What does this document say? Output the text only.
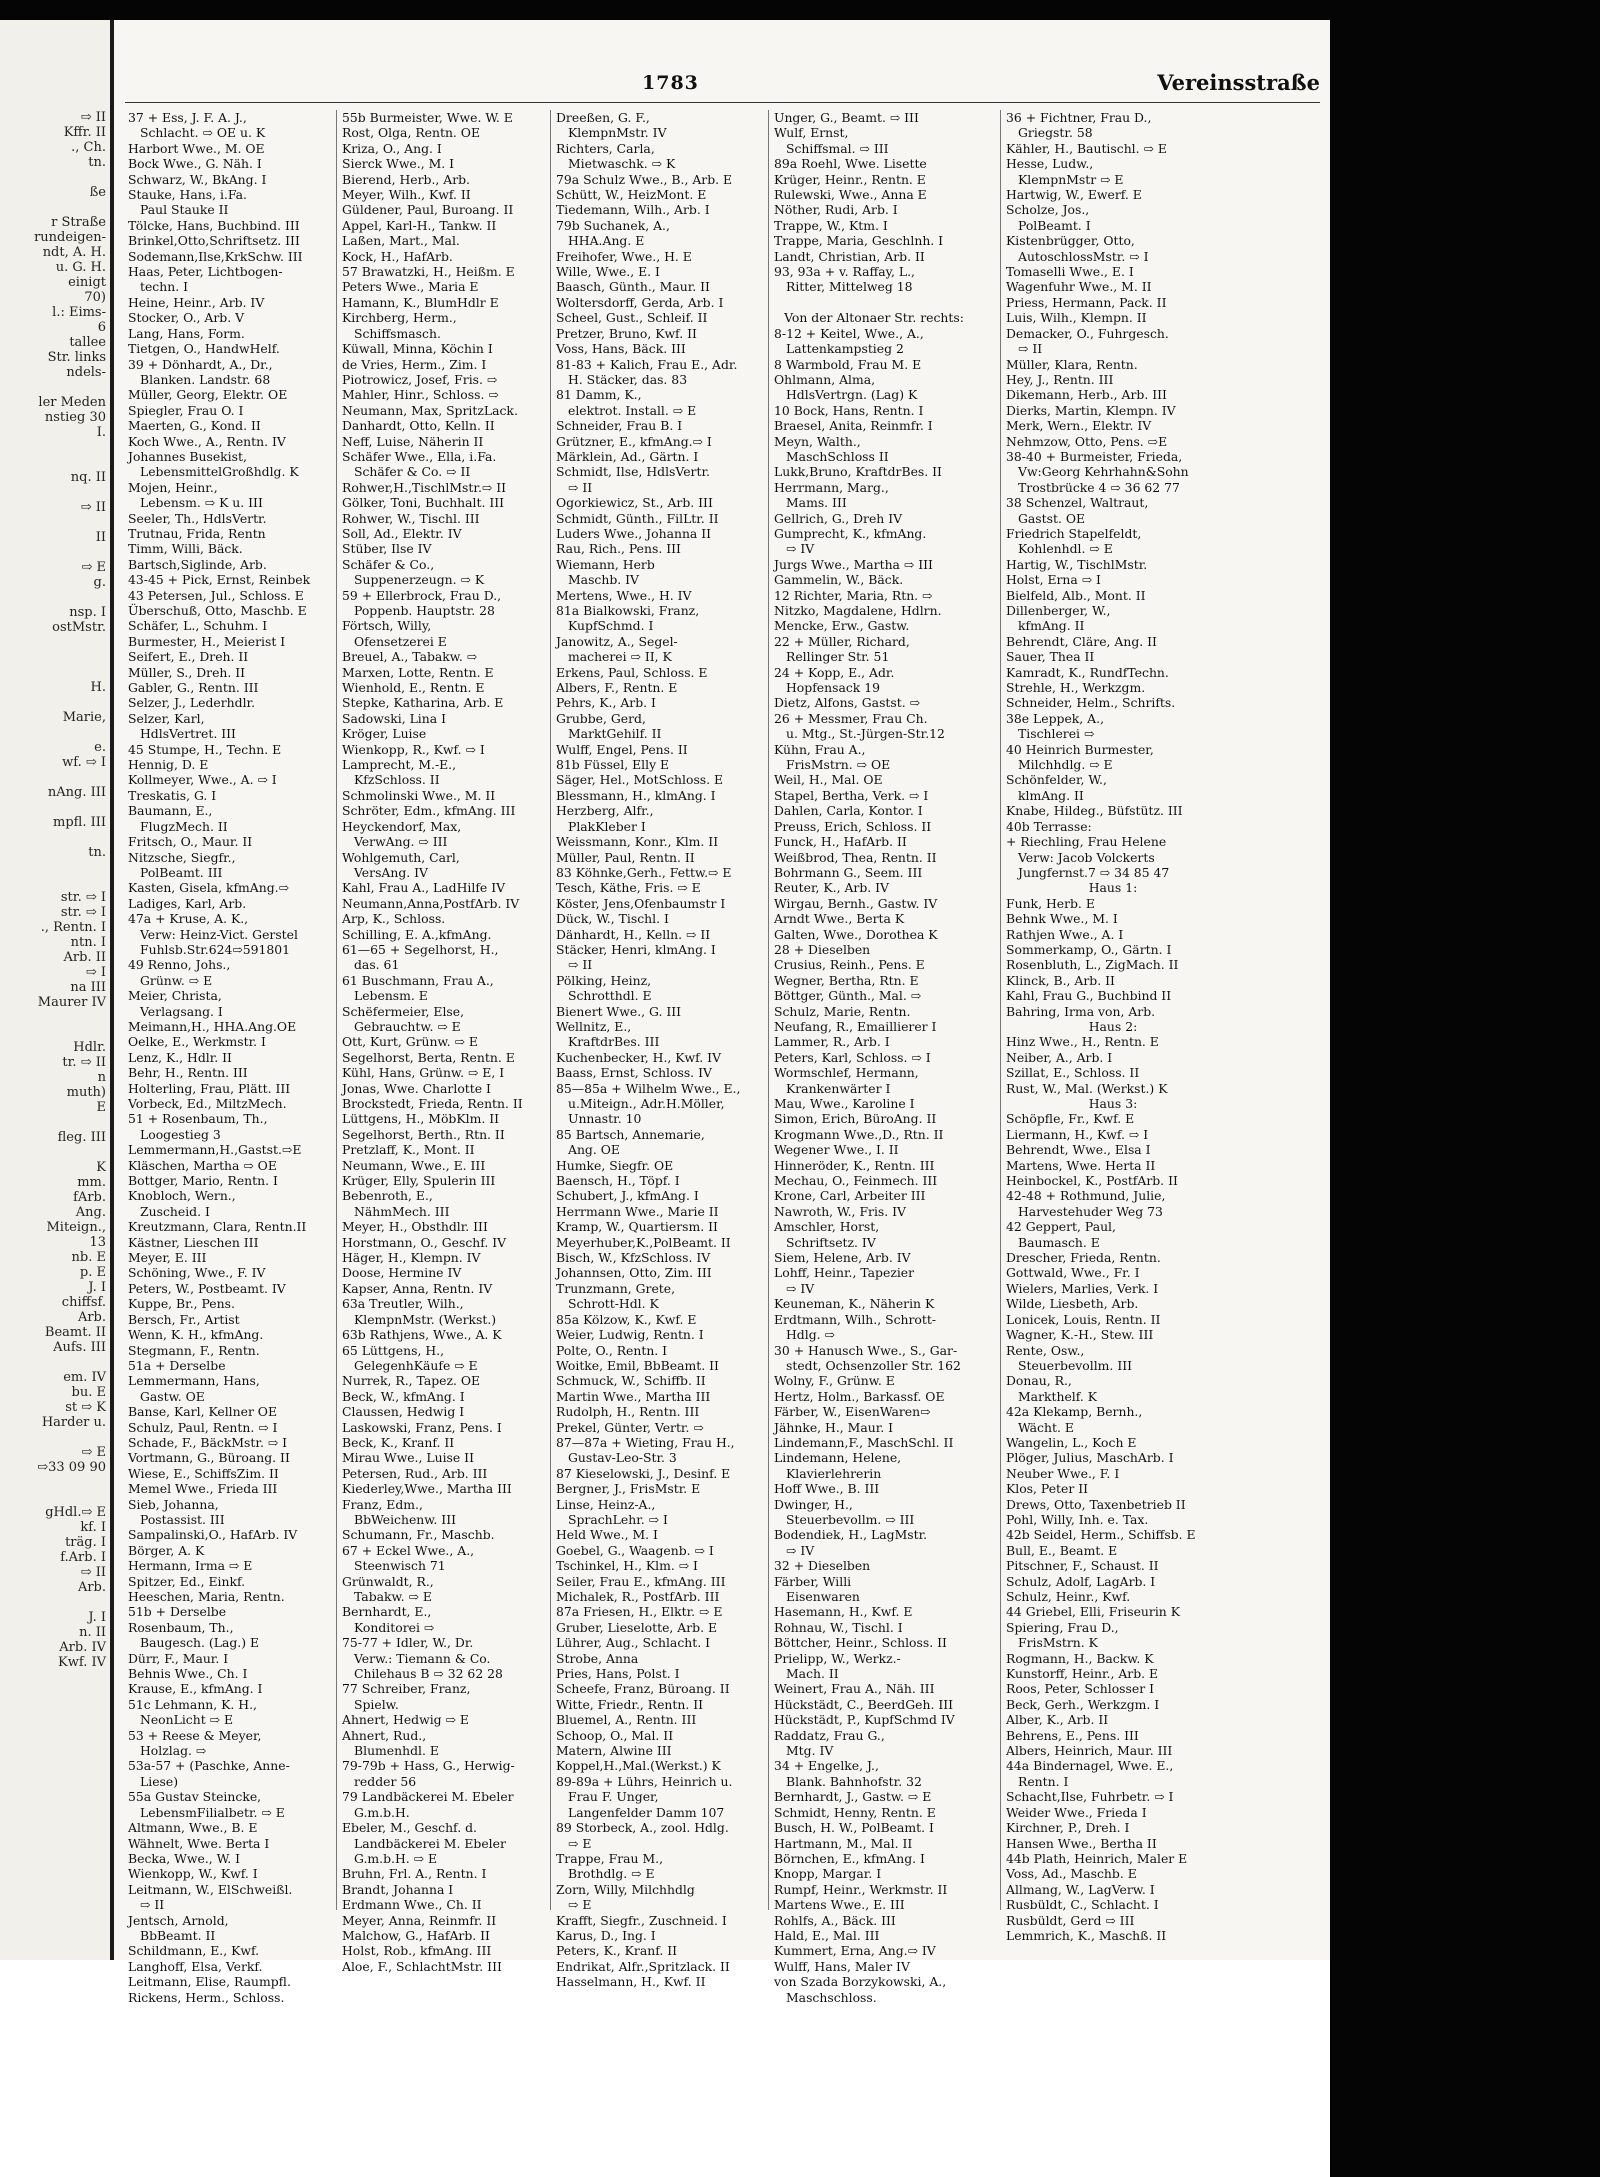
⇨ II
Kffr. II
., Ch.
tn.

ße

r Straße
rundeigen-
ndt, A. H.
u. G. H.
einigt
70)
l.: Eims-
6
tallee
Str. links
ndels-

ler Meden
nstieg 30
I.

nq. II

⇨ II

II

⇨ E
g.

nsp. I
ostMstr.

H.

Marie,

e.
wf. ⇨ I

nAng. III

mpfl. III

tn.

str. ⇨ I
str. ⇨ I
., Rentn. I
ntn. I
Arb. II
⇨ I
na III
Maurer IV

Hdlr.
tr. ⇨ II
n
muth)
E

fleg. III

K
mm.
fArb.
Ang.
Miteign.,
13
nb. E
p. E
J. I
chiffsf.
Arb.
Beamt. II
Aufs. III

em. IV
bu. E
st ⇨ K
Harder u.

⇨ E
⇨33 09 90

gHdl.⇨ E
kf. I
träg. I
f.Arb. I
⇨ II
Arb.

J. I
n. II
Arb. IV
Kwf. IV
1783	Vereinsstraße
37 + Ess, J. F. A. J.,
Schlacht. ⇨ OE u. K
Harbort Wwe., M. OE
Bock Wwe., G. Näh. I
Schwarz, W., BkAng. I
Stauke, Hans, i.Fa.
Paul Stauke II
Tölcke, Hans, Buchbind. III
Brinkel,Otto,Schriftsetz. III
Sodemann,Ilse,KrkSchw. III
Haas, Peter, Lichtbogen-
techn. I
Heine, Heinr., Arb. IV
Stocker, O., Arb. V
Lang, Hans, Form.
Tietgen, O., HandwHelf.
39 + Dönhardt, A., Dr.,
Blanken. Landstr. 68
Müller, Georg, Elektr. OE
Spiegler, Frau O. I
Maerten, G., Kond. II
Koch Wwe., A., Rentn. IV
Johannes Busekist,
LebensmittelGroßhdlg. K
Mojen, Heinr.,
Lebensm. ⇨ K u. III
Seeler, Th., HdlsVertr.
Trutnau, Frida, Rentn
Timm, Willi, Bäck.
Bartsch,Siglinde, Arb.
43-45 + Pick, Ernst, Reinbek
43 Petersen, Jul., Schloss. E
Überschuß, Otto, Maschb. E
Schäfer, L., Schuhm. I
Burmester, H., Meierist I
Seifert, E., Dreh. II
Müller, S., Dreh. II
Gabler, G., Rentn. III
Selzer, J., Lederhdlr.
Selzer, Karl,
HdlsVertret. III
45 Stumpe, H., Techn. E
Hennig, D. E
Kollmeyer, Wwe., A. ⇨ I
Treskatis, G. I
Baumann, E.,
FlugzMech. II
Fritsch, O., Maur. II
Nitzsche, Siegfr.,
PolBeamt. III
Kasten, Gisela, kfmAng.⇨
Ladiges, Karl, Arb.
47a + Kruse, A. K.,
Verw: Heinz-Vict. Gerstel
Fuhlsb.Str.624⇨591801
49 Renno, Johs.,
Grünw. ⇨ E
Meier, Christa,
Verlagsang. I
Meimann,H., HHA.Ang.OE
Oelke, E., Werkmstr. I
Lenz, K., Hdlr. II
Behr, H., Rentn. III
Holterling, Frau, Plätt. III
Vorbeck, Ed., MiltzMech.
51 + Rosenbaum, Th.,
Loogestieg 3
Lemmermann,H.,Gastst.⇨E
Kläschen, Martha ⇨ OE
Bottger, Mario, Rentn. I
Knobloch, Wern.,
Zuscheid. I
Kreutzmann, Clara, Rentn.II
Kästner, Lieschen III
Meyer, E. III
Schöning, Wwe., F. IV
Peters, W., Postbeamt. IV
Kuppe, Br., Pens.
Bersch, Fr., Artist
Wenn, K. H., kfmAng.
Stegmann, F., Rentn.
51a + Derselbe
Lemmermann, Hans,
Gastw. OE
Banse, Karl, Kellner OE
Schulz, Paul, Rentn. ⇨ I
Schade, F., BäckMstr. ⇨ I
Vortmann, G., Büroang. II
Wiese, E., SchiffsZim. II
Memel Wwe., Frieda III
Sieb, Johanna,
Postassist. III
Sampalinski,O., HafArb. IV
Börger, A. K
Hermann, Irma ⇨ E
Spitzer, Ed., Einkf.
Heeschen, Maria, Rentn.
51b + Derselbe
Rosenbaum, Th.,
Baugesch. (Lag.) E
Dürr, F., Maur. I
Behnis Wwe., Ch. I
Krause, E., kfmAng. I
51c Lehmann, K. H.,
NeonLicht ⇨ E
53 + Reese & Meyer,
Holzlag. ⇨
53a-57 + (Paschke, Anne-
Liese)
55a Gustav Steincke,
LebensmFilialbetr. ⇨ E
Altmann, Wwe., B. E
Wähnelt, Wwe. Berta I
Becka, Wwe., W. I
Wienkopp, W., Kwf. I
Leitmann, W., ElSchweißl.
⇨ II
Jentsch, Arnold,
BbBeamt. II
Schildmann, E., Kwf.
Langhoff, Elsa, Verkf.
Leitmann, Elise, Raumpfl.
Rickens, Herm., Schloss.
55b Burmeister, Wwe. W. E
Rost, Olga, Rentn. OE
Kriza, O., Ang. I
Sierck Wwe., M. I
Bierend, Herb., Arb.
Meyer, Wilh., Kwf. II
Güldener, Paul, Buroang. II
Appel, Karl-H., Tankw. II
Laßen, Mart., Mal.
Kock, H., HafArb.
57 Brawatzki, H., Heißm. E
Peters Wwe., Maria E
Hamann, K., BlumHdlr E
Kirchberg, Herm.,
Schiffsmasch.
Küwall, Minna, Köchin I
de Vries, Herm., Zim. I
Piotrowicz, Josef, Fris. ⇨
Mahler, Hinr., Schloss. ⇨
Neumann, Max, SpritzLack.
Danhardt, Otto, Kelln. II
Neff, Luise, Näherin II
Schäfer Wwe., Ella, i.Fa.
Schäfer & Co. ⇨ II
Rohwer,H.,TischlMstr.⇨ II
Gölker, Toni, Buchhalt. III
Rohwer, W., Tischl. III
Soll, Ad., Elektr. IV
Stüber, Ilse IV
Schäfer & Co.,
Suppenerzeugn. ⇨ K
59 + Ellerbrock, Frau D.,
Poppenb. Hauptstr. 28
Förtsch, Willy,
Ofensetzerei E
Breuel, A., Tabakw. ⇨
Marxen, Lotte, Rentn. E
Wienhold, E., Rentn. E
Stepke, Katharina, Arb. E
Sadowski, Lina I
Kröger, Luise
Wienkopp, R., Kwf. ⇨ I
Lamprecht, M.-E.,
KfzSchloss. II
Schmolinski Wwe., M. II
Schröter, Edm., kfmAng. III
Heyckendorf, Max,
VerwAng. ⇨ III
Wohlgemuth, Carl,
VersAng. IV
Kahl, Frau A., LadHilfe IV
Neumann,Anna,PostfArb. IV
Arp, K., Schloss.
Schilling, E. A.,kfmAng.
61—65 + Segelhorst, H.,
das. 61
61 Buschmann, Frau A.,
Lebensm. E
Schëfermeier, Else,
Gebrauchtw. ⇨ E
Ott, Kurt, Grünw. ⇨ E
Segelhorst, Berta, Rentn. E
Kühl, Hans, Grünw. ⇨ E, I
Jonas, Wwe. Charlotte I
Brockstedt, Frieda, Rentn. II
Lüttgens, H., MöbKlm. II
Segelhorst, Berth., Rtn. II
Pretzlaff, K., Mont. II
Neumann, Wwe., E. III
Krüger, Elly, Spulerin III
Bebenroth, E.,
NähmMech. III
Meyer, H., Obsthdlr. III
Horstmann, O., Geschf. IV
Häger, H., Klempn. IV
Doose, Hermine IV
Kapser, Anna, Rentn. IV
63a Treutler, Wilh.,
KlempnMstr. (Werkst.)
63b Rathjens, Wwe., A. K
65 Lüttgens, H.,
GelegenhKäufe ⇨ E
Nurrek, R., Tapez. OE
Beck, W., kfmAng. I
Claussen, Hedwig I
Laskowski, Franz, Pens. I
Beck, K., Kranf. II
Mirau Wwe., Luise II
Petersen, Rud., Arb. III
Kiederley,Wwe., Martha III
Franz, Edm.,
BbWeichenw. III
Schumann, Fr., Maschb.
67 + Eckel Wwe., A.,
Steenwisch 71
Grünwaldt, R.,
Tabakw. ⇨ E
Bernhardt, E.,
Konditorei ⇨
75-77 + Idler, W., Dr.
Verw.: Tiemann & Co.
Chilehaus B ⇨ 32 62 28
77 Schreiber, Franz,
Spielw.
Ahnert, Hedwig ⇨ E
Ahnert, Rud.,
Blumenhdl. E
79-79b + Hass, G., Herwig-
redder 56
79 Landbäckerei M. Ebeler
G.m.b.H.
Ebeler, M., Geschf. d.
Landbäckerei M. Ebeler
G.m.b.H. ⇨ E
Bruhn, Frl. A., Rentn. I
Brandt, Johanna I
Erdmann Wwe., Ch. II
Meyer, Anna, Reinmfr. II
Malchow, G., HafArb. II
Holst, Rob., kfmAng. III
Aloe, F., SchlachtMstr. III
Dreeßen, G. F.,
KlempnMstr. IV
Richters, Carla,
Mietwaschk. ⇨ K
79a Schulz Wwe., B., Arb. E
Schütt, W., HeizMont. E
Tiedemann, Wilh., Arb. I
79b Suchanek, A.,
HHA.Ang. E
Freihofer, Wwe., H. E
Wille, Wwe., E. I
Baasch, Günth., Maur. II
Woltersdorff, Gerda, Arb. I
Scheel, Gust., Schleif. II
Pretzer, Bruno, Kwf. II
Voss, Hans, Bäck. III
81-83 + Kalich, Frau E., Adr.
H. Stäcker, das. 83
81 Damm, K.,
elektrot. Install. ⇨ E
Schneider, Frau B. I
Grützner, E., kfmAng.⇨ I
Märklein, Ad., Gärtn. I
Schmidt, Ilse, HdlsVertr.
⇨ II
Ogorkiewicz, St., Arb. III
Schmidt, Günth., FilLtr. II
Luders Wwe., Johanna II
Rau, Rich., Pens. III
Wiemann, Herb
Maschb. IV
Mertens, Wwe., H. IV
81a Bialkowski, Franz,
KupfSchmd. I
Janowitz, A., Segel-
macherei ⇨ II, K
Erkens, Paul, Schloss. E
Albers, F., Rentn. E
Pehrs, K., Arb. I
Grubbe, Gerd,
MarktGehilf. II
Wulff, Engel, Pens. II
81b Füssel, Elly E
Säger, Hel., MotSchloss. E
Blessmann, H., klmAng. I
Herzberg, Alfr.,
PlakKleber I
Weissmann, Konr., Klm. II
Müller, Paul, Rentn. II
83 Köhnke,Gerh., Fettw.⇨ E
Tesch, Käthe, Fris. ⇨ E
Köster, Jens,Ofenbaumstr I
Dück, W., Tischl. I
Dänhardt, H., Kelln. ⇨ II
Stäcker, Henri, klmAng. I
⇨ II
Pölking, Heinz,
Schrotthdl. E
Bienert Wwe., G. III
Wellnitz, E.,
KraftdrBes. III
Kuchenbecker, H., Kwf. IV
Baass, Ernst, Schloss. IV
85—85a + Wilhelm Wwe., E.,
u.Miteign., Adr.H.Möller,
Unnastr. 10
85 Bartsch, Annemarie,
Ang. OE
Humke, Siegfr. OE
Baensch, H., Töpf. I
Schubert, J., kfmAng. I
Herrmann Wwe., Marie II
Kramp, W., Quartiersm. II
Meyerhuber,K.,PolBeamt. II
Bisch, W., KfzSchloss. IV
Johannsen, Otto, Zim. III
Trunzmann, Grete,
Schrott-Hdl. K
85a Kölzow, K., Kwf. E
Weier, Ludwig, Rentn. I
Polte, O., Rentn. I
Woitke, Emil, BbBeamt. II
Schmuck, W., Schiffb. II
Martin Wwe., Martha III
Rudolph, H., Rentn. III
Prekel, Günter, Vertr. ⇨
87—87a + Wieting, Frau H.,
Gustav-Leo-Str. 3
87 Kieselowski, J., Desinf. E
Bergner, J., FrisMstr. E
Linse, Heinz-A.,
SprachLehr. ⇨ I
Held Wwe., M. I
Goebel, G., Waagenb. ⇨ I
Tschinkel, H., Klm. ⇨ I
Seiler, Frau E., kfmAng. III
Michalek, R., PostfArb. III
87a Friesen, H., Elktr. ⇨ E
Gruber, Lieselotte, Arb. E
Lührer, Aug., Schlacht. I
Strobe, Anna
Pries, Hans, Polst. I
Scheefe, Franz, Büroang. II
Witte, Friedr., Rentn. II
Bluemel, A., Rentn. III
Schoop, O., Mal. II
Matern, Alwine III
Koppel,H.,Mal.(Werkst.) K
89-89a + Lührs, Heinrich u.
Frau F. Unger,
Langenfelder Damm 107
89 Storbeck, A., zool. Hdlg.
⇨ E
Trappe, Frau M.,
Brothdlg. ⇨ E
Zorn, Willy, Milchhdlg
⇨ E
Krafft, Siegfr., Zuschneid. I
Karus, D., Ing. I
Peters, K., Kranf. II
Endrikat, Alfr.,Spritzlack. II
Hasselmann, H., Kwf. II
Unger, G., Beamt. ⇨ III
Wulf, Ernst,
Schiffsmal. ⇨ III
89a Roehl, Wwe. Lisette
Krüger, Heinr., Rentn. E
Rulewski, Wwe., Anna E
Nöther, Rudi, Arb. I
Trappe, W., Ktm. I
Trappe, Maria, Geschlnh. I
Landt, Christian, Arb. II
93, 93a + v. Raffay, L.,
Ritter, Mittelweg 18

Von der Altonaer Str. rechts:
8-12 + Keitel, Wwe., A.,
Lattenkampstieg 2
8 Warmbold, Frau M. E
Ohlmann, Alma,
HdlsVertrgn. (Lag) K
10 Bock, Hans, Rentn. I
Braesel, Anita, Reinmfr. I
Meyn, Walth.,
MaschSchloss II
Lukk,Bruno, KraftdrBes. II
Herrmann, Marg.,
Mams. III
Gellrich, G., Dreh IV
Gumprecht, K., kfmAng.
⇨ IV
Jurgs Wwe., Martha ⇨ III
Gammelin, W., Bäck.
12 Richter, Maria, Rtn. ⇨
Nitzko, Magdalene, Hdlrn.
Mencke, Erw., Gastw.
22 + Müller, Richard,
Rellinger Str. 51
24 + Kopp, E., Adr.
Hopfensack 19
Dietz, Alfons, Gastst. ⇨
26 + Messmer, Frau Ch.
u. Mtg., St.-Jürgen-Str.12
Kühn, Frau A.,
FrisMstrn. ⇨ OE
Weil, H., Mal. OE
Stapel, Bertha, Verk. ⇨ I
Dahlen, Carla, Kontor. I
Preuss, Erich, Schloss. II
Funck, H., HafArb. II
Weißbrod, Thea, Rentn. II
Bohrmann G., Seem. III
Reuter, K., Arb. IV
Wirgau, Bernh., Gastw. IV
Arndt Wwe., Berta K
Galten, Wwe., Dorothea K
28 + Dieselben
Crusius, Reinh., Pens. E
Wegner, Bertha, Rtn. E
Böttger, Günth., Mal. ⇨
Schulz, Marie, Rentn.
Neufang, R., Emaillierer I
Lammer, R., Arb. I
Peters, Karl, Schloss. ⇨ I
Wormschlef, Hermann,
Krankenwärter I
Mau, Wwe., Karoline I
Simon, Erich, BüroAng. II
Krogmann Wwe.,D., Rtn. II
Wegener Wwe., I. II
Hinneröder, K., Rentn. III
Mechau, O., Feinmech. III
Krone, Carl, Arbeiter III
Nawroth, W., Fris. IV
Amschler, Horst,
Schriftsetz. IV
Siem, Helene, Arb. IV
Lohff, Heinr., Tapezier
⇨ IV
Keuneman, K., Näherin K
Erdtmann, Wilh., Schrott-
Hdlg. ⇨
30 + Hanusch Wwe., S., Gar-
stedt, Ochsenzoller Str. 162
Wolny, F., Grünw. E
Hertz, Holm., Barkassf. OE
Färber, W., EisenWaren⇨
Jähnke, H., Maur. I
Lindemann,F., MaschSchl. II
Lindemann, Helene,
Klavierlehrerin
Hoff Wwe., B. III
Dwinger, H.,
Steuerbevollm. ⇨ III
Bodendiek, H., LagMstr.
⇨ IV
32 + Dieselben
Färber, Willi
Eisenwaren
Hasemann, H., Kwf. E
Rohnau, W., Tischl. I
Böttcher, Heinr., Schloss. II
Prielipp, W., Werkz.-
Mach. II
Weinert, Frau A., Näh. III
Hückstädt, C., BeerdGeh. III
Hückstädt, P., KupfSchmd IV
Raddatz, Frau G.,
Mtg. IV
34 + Engelke, J.,
Blank. Bahnhofstr. 32
Bernhardt, J., Gastw. ⇨ E
Schmidt, Henny, Rentn. E
Busch, H. W., PolBeamt. I
Hartmann, M., Mal. II
Börnchen, E., kfmAng. I
Knopp, Margar. I
Rumpf, Heinr., Werkmstr. II
Martens Wwe., E. III
Rohlfs, A., Bäck. III
Hald, E., Mal. III
Kummert, Erna, Ang.⇨ IV
Wulff, Hans, Maler IV
von Szada Borzykowski, A.,
Maschschloss.
36 + Fichtner, Frau D.,
Griegstr. 58
Kähler, H., Bautischl. ⇨ E
Hesse, Ludw.,
KlempnMstr ⇨ E
Hartwig, W., Ewerf. E
Scholze, Jos.,
PolBeamt. I
Kistenbrügger, Otto,
AutoschlossMstr. ⇨ I
Tomaselli Wwe., E. I
Wagenfuhr Wwe., M. II
Priess, Hermann, Pack. II
Luis, Wilh., Klempn. II
Demacker, O., Fuhrgesch.
⇨ II
Müller, Klara, Rentn.
Hey, J., Rentn. III
Dikemann, Herb., Arb. III
Dierks, Martin, Klempn. IV
Merk, Wern., Elektr. IV
Nehmzow, Otto, Pens. ⇨E
38-40 + Burmeister, Frieda,
Vw:Georg Kehrhahn&Sohn
Trostbrücke 4 ⇨ 36 62 77
38 Schenzel, Waltraut,
Gastst. OE
Friedrich Stapelfeldt,
Kohlenhdl. ⇨ E
Hartig, W., TischlMstr.
Holst, Erna ⇨ I
Bielfeld, Alb., Mont. II
Dillenberger, W.,
kfmAng. II
Behrendt, Cläre, Ang. II
Sauer, Thea II
Kamradt, K., RundfTechn.
Strehle, H., Werkzgm.
Schneider, Helm., Schrifts.
38e Leppek, A.,
Tischlerei ⇨
40 Heinrich Burmester,
Milchhdlg. ⇨ E
Schönfelder, W.,
klmAng. II
Knabe, Hildeg., Büfstütz. III
40b Terrasse:
+ Riechling, Frau Helene
Verw: Jacob Volckerts
Jungfernst.7 ⇨ 34 85 47
Haus 1:
Funk, Herb. E
Behnk Wwe., M. I
Rathjen Wwe., A. I
Sommerkamp, O., Gärtn. I
Rosenbluth, L., ZigMach. II
Klinck, B., Arb. II
Kahl, Frau G., Buchbind II
Bahring, Irma von, Arb.
Haus 2:
Hinz Wwe., H., Rentn. E
Neiber, A., Arb. I
Szillat, E., Schloss. II
Rust, W., Mal. (Werkst.) K
Haus 3:
Schöpfle, Fr., Kwf. E
Liermann, H., Kwf. ⇨ I
Behrendt, Wwe., Elsa I
Martens, Wwe. Herta II
Heinbockel, K., PostfArb. II
42-48 + Rothmund, Julie,
Harvestehuder Weg 73
42 Geppert, Paul,
Baumasch. E
Drescher, Frieda, Rentn.
Gottwald, Wwe., Fr. I
Wielers, Marlies, Verk. I
Wilde, Liesbeth, Arb.
Lonicek, Louis, Rentn. II
Wagner, K.-H., Stew. III
Rente, Osw.,
Steuerbevollm. III
Donau, R.,
Markthelf. K
42a Klekamp, Bernh.,
Wächt. E
Wangelin, L., Koch E
Plöger, Julius, MaschArb. I
Neuber Wwe., F. I
Klos, Peter II
Drews, Otto, Taxenbetrieb II
Pohl, Willy, Inh. e. Tax.
42b Seidel, Herm., Schiffsb. E
Bull, E., Beamt. E
Pitschner, F., Schaust. II
Schulz, Adolf, LagArb. I
Schulz, Heinr., Kwf.
44 Griebel, Elli, Friseurin K
Spiering, Frau D.,
FrisMstrn. K
Rogmann, H., Backw. K
Kunstorff, Heinr., Arb. E
Roos, Peter, Schlosser I
Beck, Gerh., Werkzgm. I
Alber, K., Arb. II
Behrens, E., Pens. III
Albers, Heinrich, Maur. III
44a Bindernagel, Wwe. E.,
Rentn. I
Schacht,Ilse, Fuhrbetr. ⇨ I
Weider Wwe., Frieda I
Kirchner, P., Dreh. I
Hansen Wwe., Bertha II
44b Plath, Heinrich, Maler E
Voss, Ad., Maschb. E
Allmang, W., LagVerw. I
Rusbüldt, C., Schlacht. I
Rusbüldt, Gerd ⇨ III
Lemmrich, K., Maschß. II
